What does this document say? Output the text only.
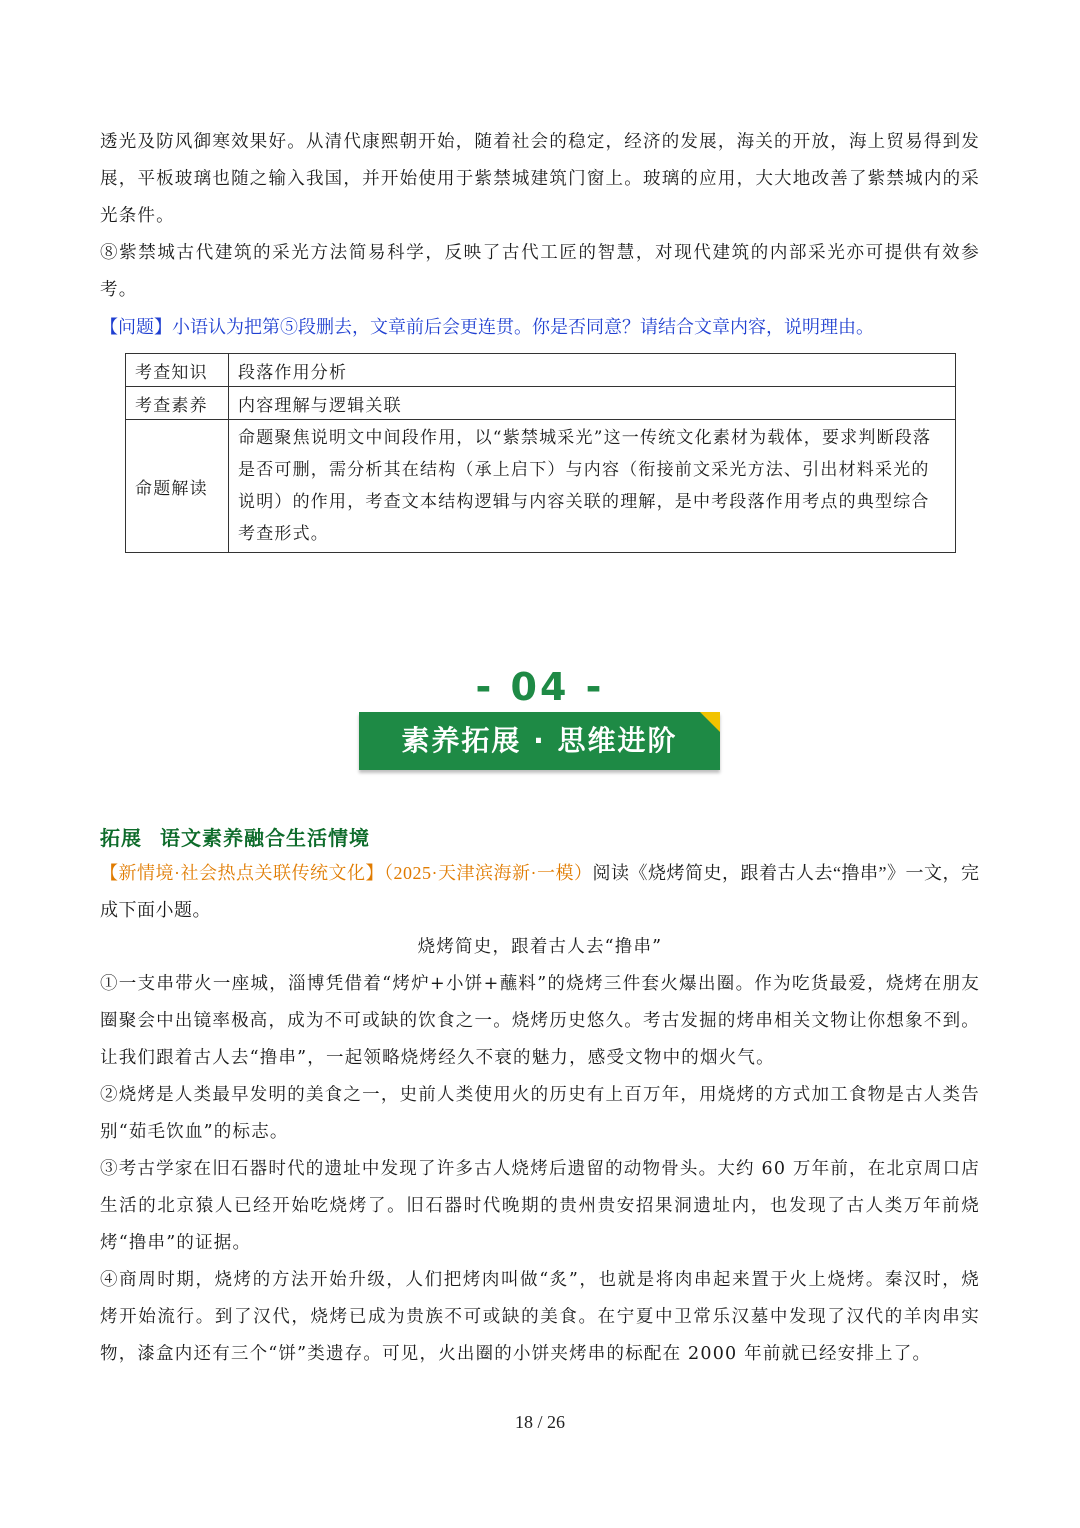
透光及防风御寒效果好。从清代康熙朝开始，随着社会的稳定，经济的发展，海关的开放，海上贸易得到发展，平板玻璃也随之输入我国，并开始使用于紫禁城建筑门窗上。玻璃的应用，大大地改善了紫禁城内的采光条件。

⑧紫禁城古代建筑的采光方法简易科学，反映了古代工匠的智慧，对现代建筑的内部采光亦可提供有效参考。

【问题】小语认为把第⑤段删去，文章前后会更连贯。你是否同意？请结合文章内容，说明理由。

考查知识	段落作用分析
考查素养	内容理解与逻辑关联
命题解读	命题聚焦说明文中间段作用，以“紫禁城采光”这一传统文化素材为载体，要求判断段落是否可删，需分析其在结构（承上启下）与内容（衔接前文采光方法、引出材料采光的说明）的作用，考查文本结构逻辑与内容关联的理解，是中考段落作用考点的典型综合考查形式。
- 04 -
素养拓展 · 思维进阶
拓展 语文素养融合生活情境

【新情境·社会热点关联传统文化】（2025·天津滨海新·一模）阅读《烧烤简史，跟着古人去“撸串”》一文，完成下面小题。

烧烤简史，跟着古人去“撸串”

①一支串带火一座城，淄博凭借着“烤炉+小饼+蘸料”的烧烤三件套火爆出圈。作为吃货最爱，烧烤在朋友圈聚会中出镜率极高，成为不可或缺的饮食之一。烧烤历史悠久。考古发掘的烤串相关文物让你想象不到。让我们跟着古人去“撸串”，一起领略烧烤经久不衰的魅力，感受文物中的烟火气。

②烧烤是人类最早发明的美食之一，史前人类使用火的历史有上百万年，用烧烤的方式加工食物是古人类告别“茹毛饮血”的标志。

③考古学家在旧石器时代的遗址中发现了许多古人烧烤后遗留的动物骨头。大约 60 万年前，在北京周口店生活的北京猿人已经开始吃烧烤了。旧石器时代晚期的贵州贵安招果洞遗址内，也发现了古人类万年前烧烤“撸串”的证据。

④商周时期，烧烤的方法开始升级，人们把烤肉叫做“炙”，也就是将肉串起来置于火上烧烤。秦汉时，烧烤开始流行。到了汉代，烧烤已成为贵族不可或缺的美食。在宁夏中卫常乐汉墓中发现了汉代的羊肉串实物，漆盒内还有三个“饼”类遗存。可见，火出圈的小饼夹烤串的标配在 2000 年前就已经安排上了。

18 / 26
